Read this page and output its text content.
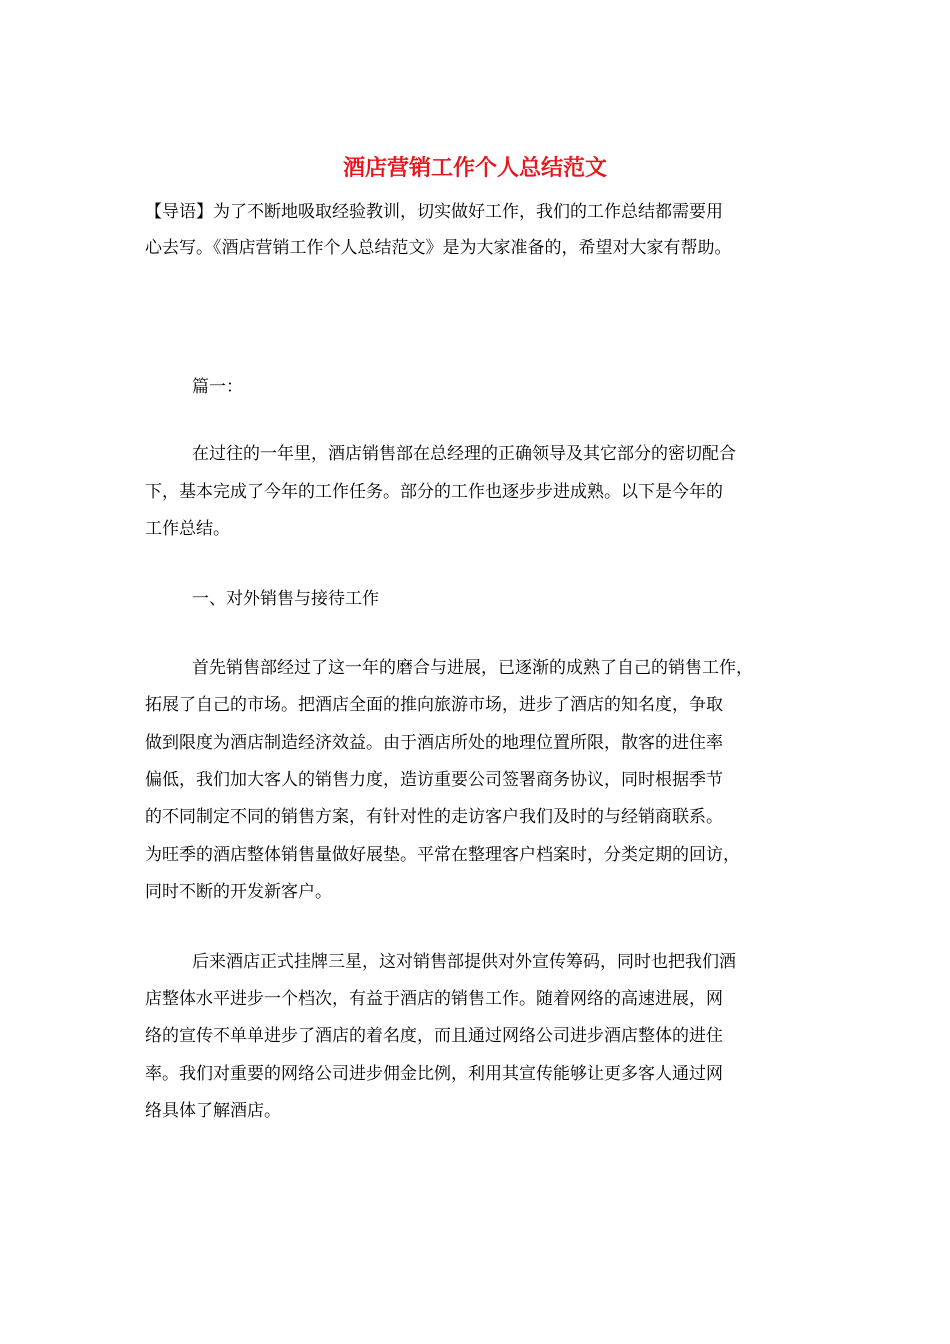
酒店营销工作个人总结范文

【导语】为了不断地吸取经验教训，切实做好工作，我们的工作总结都需要用

心去写。《酒店营销工作个人总结范文》是为大家准备的，希望对大家有帮助。

篇一：

在过往的一年里，酒店销售部在总经理的正确领导及其它部分的密切配合

下，基本完成了今年的工作任务。部分的工作也逐步步进成熟。以下是今年的

工作总结。

一、对外销售与接待工作

首先销售部经过了这一年的磨合与进展，已逐渐的成熟了自己的销售工作，

拓展了自己的市场。把酒店全面的推向旅游市场，进步了酒店的知名度，争取

做到限度为酒店制造经济效益。由于酒店所处的地理位置所限，散客的进住率

偏低，我们加大客人的销售力度，造访重要公司签署商务协议，同时根据季节

的不同制定不同的销售方案，有针对性的走访客户我们及时的与经销商联系。

为旺季的酒店整体销售量做好展垫。平常在整理客户档案时，分类定期的回访，

同时不断的开发新客户。

后来酒店正式挂牌三星，这对销售部提供对外宣传筹码，同时也把我们酒

店整体水平进步一个档次，有益于酒店的销售工作。随着网络的高速进展，网

络的宣传不单单进步了酒店的着名度，而且通过网络公司进步酒店整体的进住

率。我们对重要的网络公司进步佣金比例，利用其宣传能够让更多客人通过网

络具体了解酒店。
